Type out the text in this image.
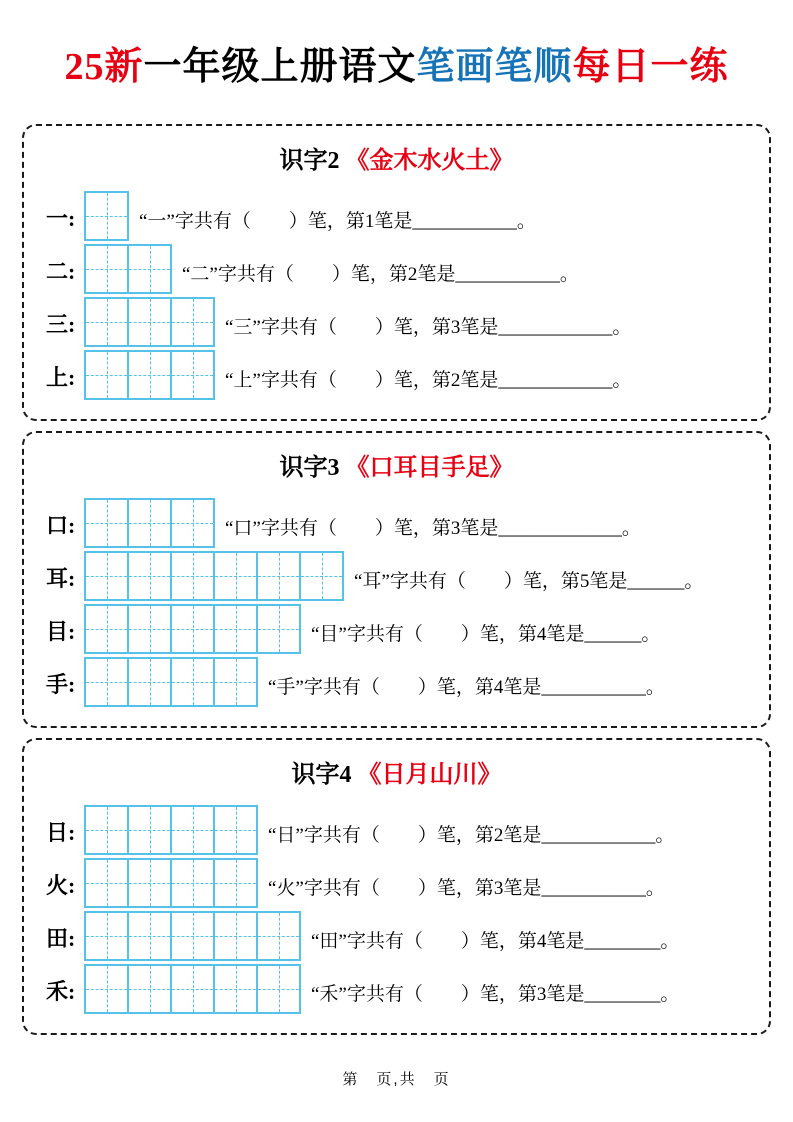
25新一年级上册语文笔画笔顺每日一练
识字2 《金木水火土》
一:	“一”字共有（　　）笔，第1笔是___________。
二:	“二”字共有（　　）笔，第2笔是___________。
三:	“三”字共有（　　）笔，第3笔是____________。
上:	“上”字共有（　　）笔，第2笔是____________。
识字3 《口耳目手足》
口:	“口”字共有（　　）笔，第3笔是_____________。
耳:	“耳”字共有（　　）笔，第5笔是______。
目:	“目”字共有（　　）笔，第4笔是______。
手:	“手”字共有（　　）笔，第4笔是___________。
识字4 《日月山川》
日:	“日”字共有（　　）笔，第2笔是____________。
火:	“火”字共有（　　）笔，第3笔是___________。
田:	“田”字共有（　　）笔，第4笔是________。
禾:	“禾”字共有（　　）笔，第3笔是________。
第　页,共　页
